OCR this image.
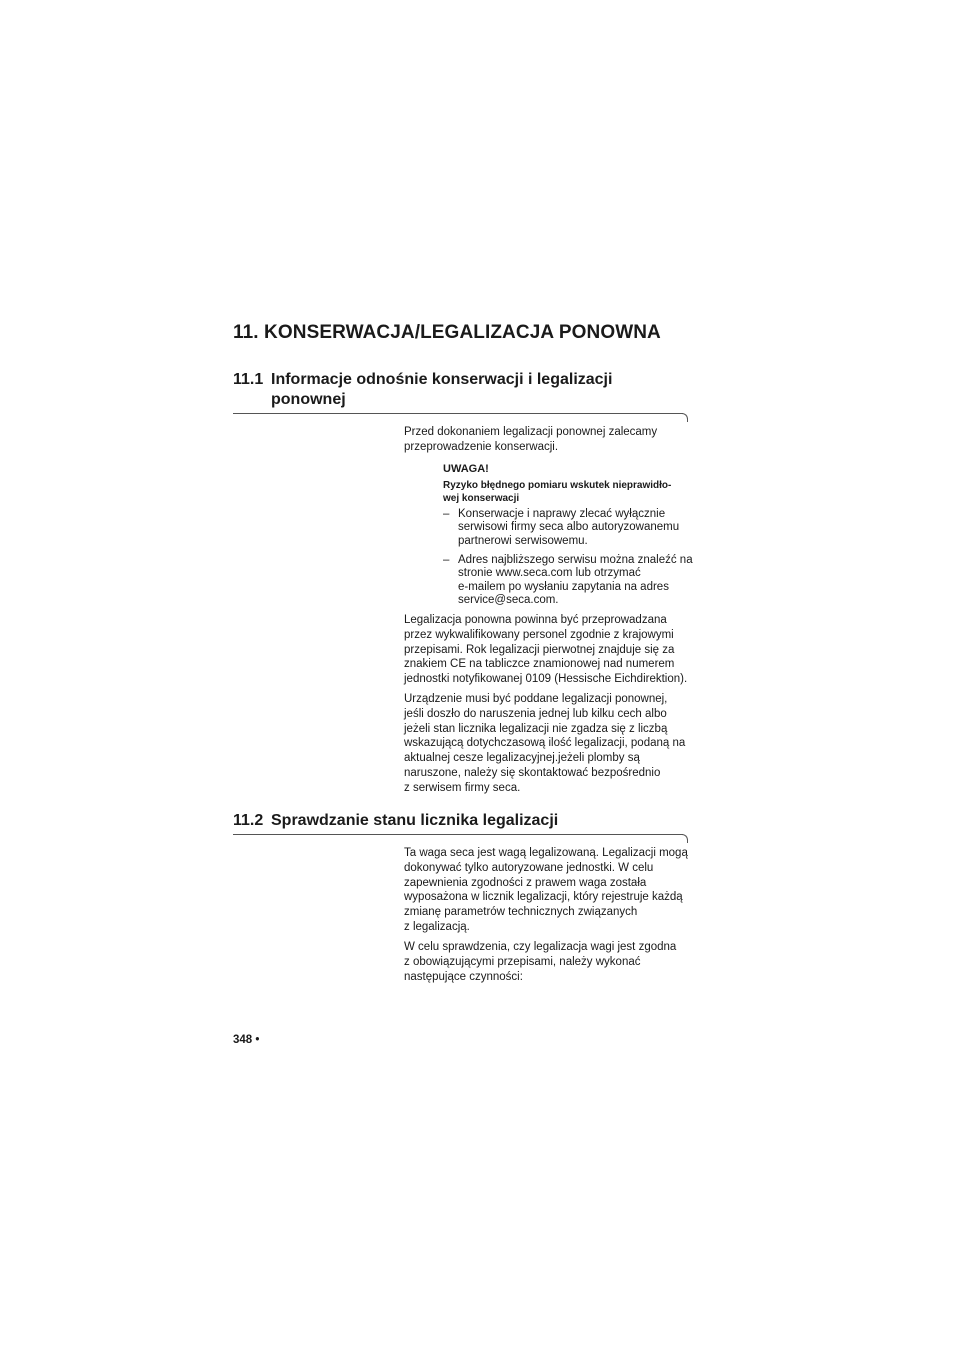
11. KONSERWACJA/LEGALIZACJA PONOWNA
11.1 Informacje odnośnie konserwacji i legalizacji
ponownej

Przed dokonaniem legalizacji ponownej zalecamy

przeprowadzenie konserwacji.

UWAGA!

Ryzyko błędnego pomiaru wskutek nieprawidło-

wej konserwacji

– Konserwacje i naprawy zlecać wyłącznie

serwisowi firmy seca albo autoryzowanemu

partnerowi serwisowemu.

– Adres najbliższego serwisu można znaleźć na

stronie www.seca.com lub otrzymać

e-mailem po wysłaniu zapytania na adres

service@seca.com.

Legalizacja ponowna powinna być przeprowadzana

przez wykwalifikowany personel zgodnie z krajowymi

przepisami. Rok legalizacji pierwotnej znajduje się za

znakiem CE na tabliczce znamionowej nad numerem

jednostki notyfikowanej 0109 (Hessische Eichdirektion).

Urządzenie musi być poddane legalizacji ponownej,

jeśli doszło do naruszenia jednej lub kilku cech albo

jeżeli stan licznika legalizacji nie zgadza się z liczbą

wskazującą dotychczasową ilość legalizacji, podaną na

aktualnej cesze legalizacyjnej.jeżeli plomby są

naruszone, należy się skontaktować bezpośrednio

z serwisem firmy seca.

11.2 Sprawdzanie stanu licznika legalizacji

Ta waga seca jest wagą legalizowaną. Legalizacji mogą

dokonywać tylko autoryzowane jednostki. W celu

zapewnienia zgodności z prawem waga została

wyposażona w licznik legalizacji, który rejestruje każdą

zmianę parametrów technicznych związanych

z legalizacją.

W celu sprawdzenia, czy legalizacja wagi jest zgodna

z obowiązującymi przepisami, należy wykonać

następujące czynności:

348 •
